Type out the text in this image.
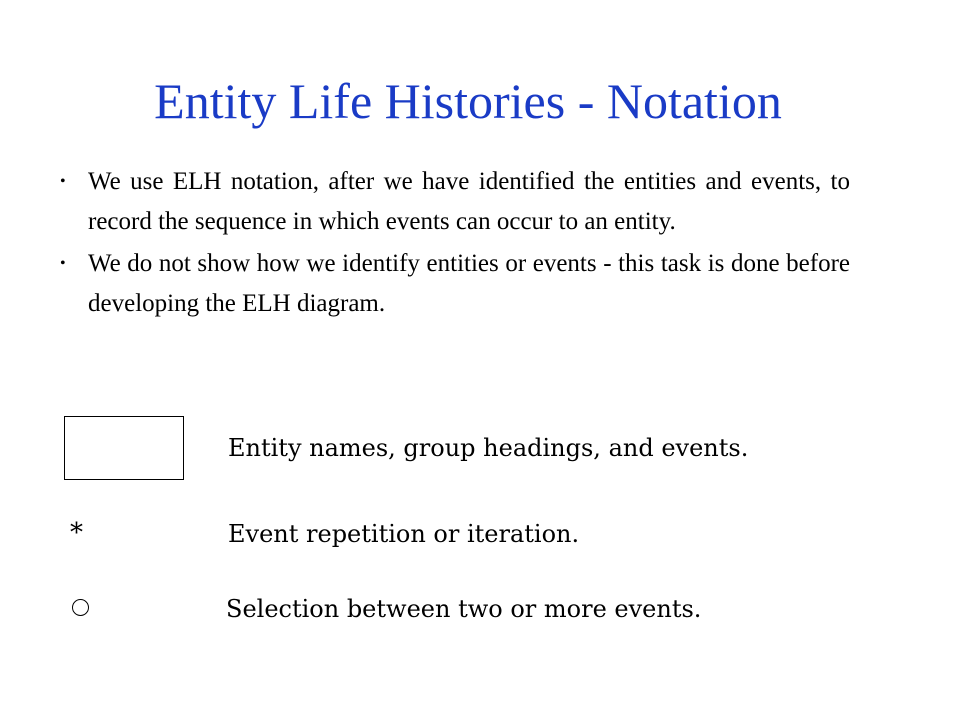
Entity Life Histories - Notation
• We use ELH notation, after we have identified the entities and events, to record the sequence in which events can occur to an entity.
• We do not show how we identify entities or events - this task is done before developing the ELH diagram.
Entity names, group headings, and events.
*	Event repetition or iteration.
Selection between two or more events.
